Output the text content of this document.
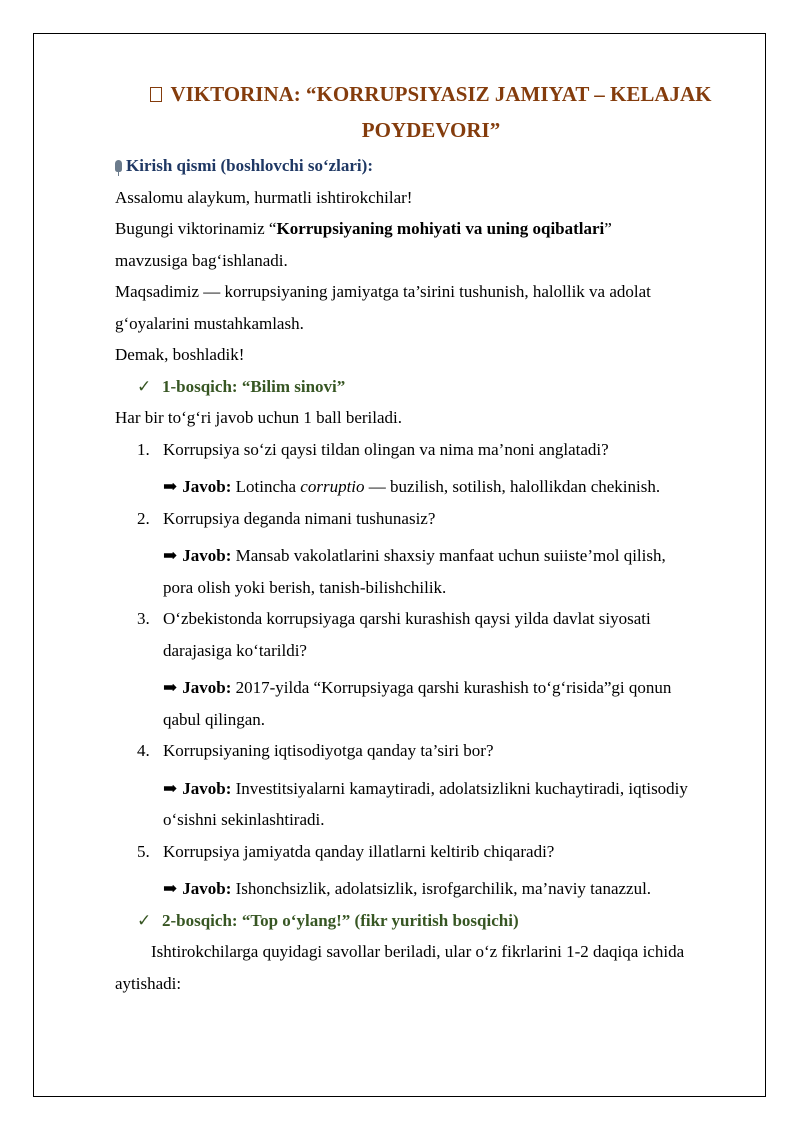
VIKTORINA: “KORRUPSIYASIZ JAMIYAT – KELAJAK
POYDEVORI”

Kirish qismi (boshlovchi so‘zlari):

Assalomu alaykum, hurmatli ishtirokchilar!

Bugungi viktorinamiz “Korrupsiyaning mohiyati va uning oqibatlari”

mavzusiga bag‘ishlanadi.

Maqsadimiz — korrupsiyaning jamiyatga ta’sirini tushunish, halollik va adolat

g‘oyalarini mustahkamlash.

Demak, boshladik!

✓ 1-bosqich: “Bilim sinovi”

Har bir to‘g‘ri javob uchun 1 ball beriladi.

1. Korrupsiya so‘zi qaysi tildan olingan va nima ma’noni anglatadi?
➡ Javob: Lotincha corruptio — buzilish, sotilish, halollikdan chekinish.
2. Korrupsiya deganda nimani tushunasiz?
➡ Javob: Mansab vakolatlarini shaxsiy manfaat uchun suiiste’mol qilish,
pora olish yoki berish, tanish-bilishchilik.
3. O‘zbekistonda korrupsiyaga qarshi kurashish qaysi yilda davlat siyosati
darajasiga ko‘tarildi?
➡ Javob: 2017-yilda “Korrupsiyaga qarshi kurashish to‘g‘risida”gi qonun
qabul qilingan.
4. Korrupsiyaning iqtisodiyotga qanday ta’siri bor?
➡ Javob: Investitsiyalarni kamaytiradi, adolatsizlikni kuchaytiradi, iqtisodiy
o‘sishni sekinlashtiradi.
5. Korrupsiya jamiyatda qanday illatlarni keltirib chiqaradi?
➡ Javob: Ishonchsizlik, adolatsizlik, isrofgarchilik, ma’naviy tanazzul.

✓ 2-bosqich: “Top o‘ylang!” (fikr yuritish bosqichi)

Ishtirokchilarga quyidagi savollar beriladi, ular o‘z fikrlarini 1-2 daqiqa ichida

aytishadi:
